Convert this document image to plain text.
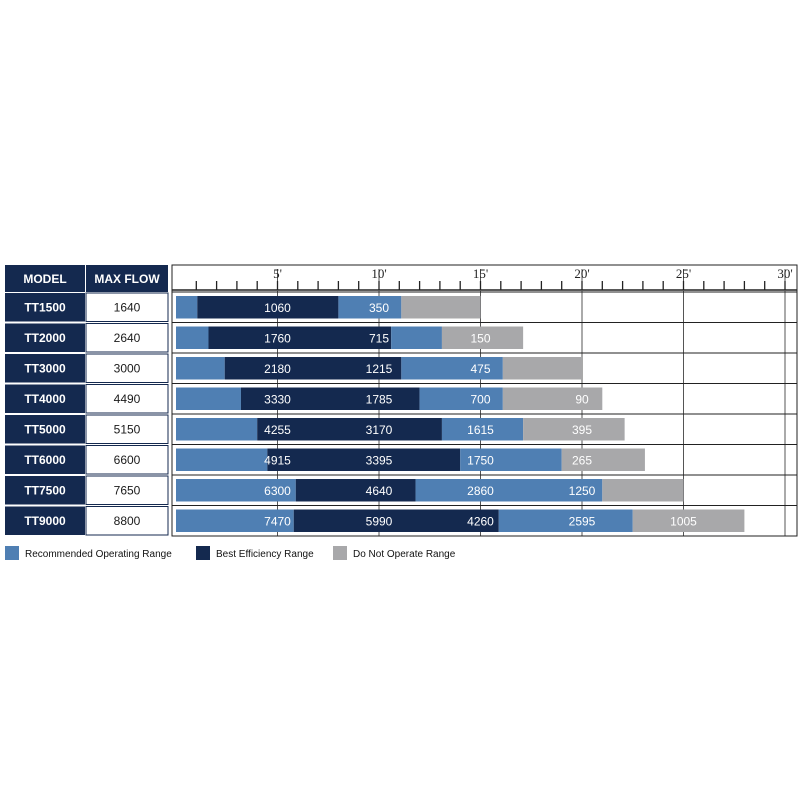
MODEL MAX FLOW	5'	10'	15'	20'	25'	30'
TT1500	1640	1060	350
TT2000	2640	1760	715	150
TT3000	3000	2180	1215	475
TT4000	4490	3330	1785	700	90
TT5000	5150	4255	3170	1615	395
TT6000	6600	4915	3395	1750	265
TT7500	7650	6300	4640	2860	1250
TT9000	8800	7470	5990	4260	2595	1005
Recommended Operating Range	Best Efficiency Range	Do Not Operate Range
